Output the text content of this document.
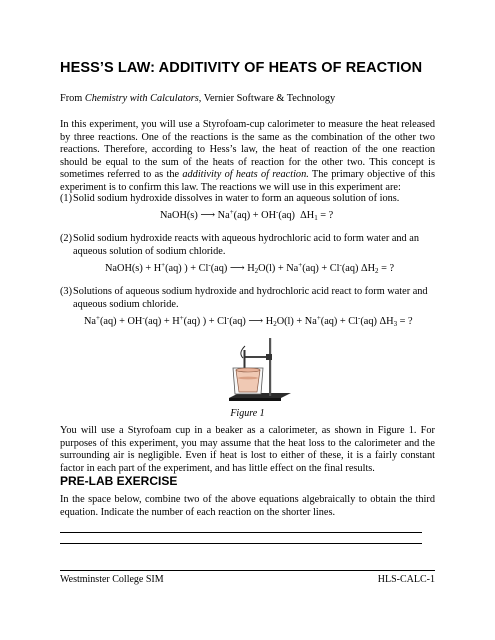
HESS’S LAW: ADDITIVITY OF HEATS OF REACTION
From Chemistry with Calculators, Vernier Software & Technology
In this experiment, you will use a Styrofoam-cup calorimeter to measure the heat released by three reactions. One of the reactions is the same as the combination of the other two reactions. Therefore, according to Hess’s law, the heat of reaction of the one reaction should be equal to the sum of the heats of reaction for the other two. This concept is sometimes referred to as the additivity of heats of reaction. The primary objective of this experiment is to confirm this law. The reactions we will use in this experiment are:
(1) Solid sodium hydroxide dissolves in water to form an aqueous solution of ions.
NaOH(s) ⟶ Na+(aq) + OH-(aq) $\Delta H_1$ = ?
(2) Solid sodium hydroxide reacts with aqueous hydrochloric acid to form water and an aqueous solution of sodium chloride.
NaOH(s) + H+(aq) ) + Cl-(aq) ⟶ $H_2O(l) + Na^+(aq) + Cl^-(aq) \Delta H_2$ = ?
(3) Solutions of aqueous sodium hydroxide and hydrochloric acid react to form water and aqueous sodium chloride.
Na+(aq) + OH-(aq) + H+(aq) ) + Cl-(aq) ⟶ $H_2O(l) + Na^+(aq) + Cl^-(aq) \Delta H_3$ = ?
Figure 1
You will use a Styrofoam cup in a beaker as a calorimeter, as shown in Figure 1. For purposes of this experiment, you may assume that the heat loss to the calorimeter and the surrounding air is negligible. Even if heat is lost to either of these, it is a fairly constant factor in each part of the experiment, and has little effect on the final results.
PRE-LAB EXERCISE
In the space below, combine two of the above equations algebraically to obtain the third equation. Indicate the number of each reaction on the shorter lines.
Westminster College SIM	HLS-CALC-1
